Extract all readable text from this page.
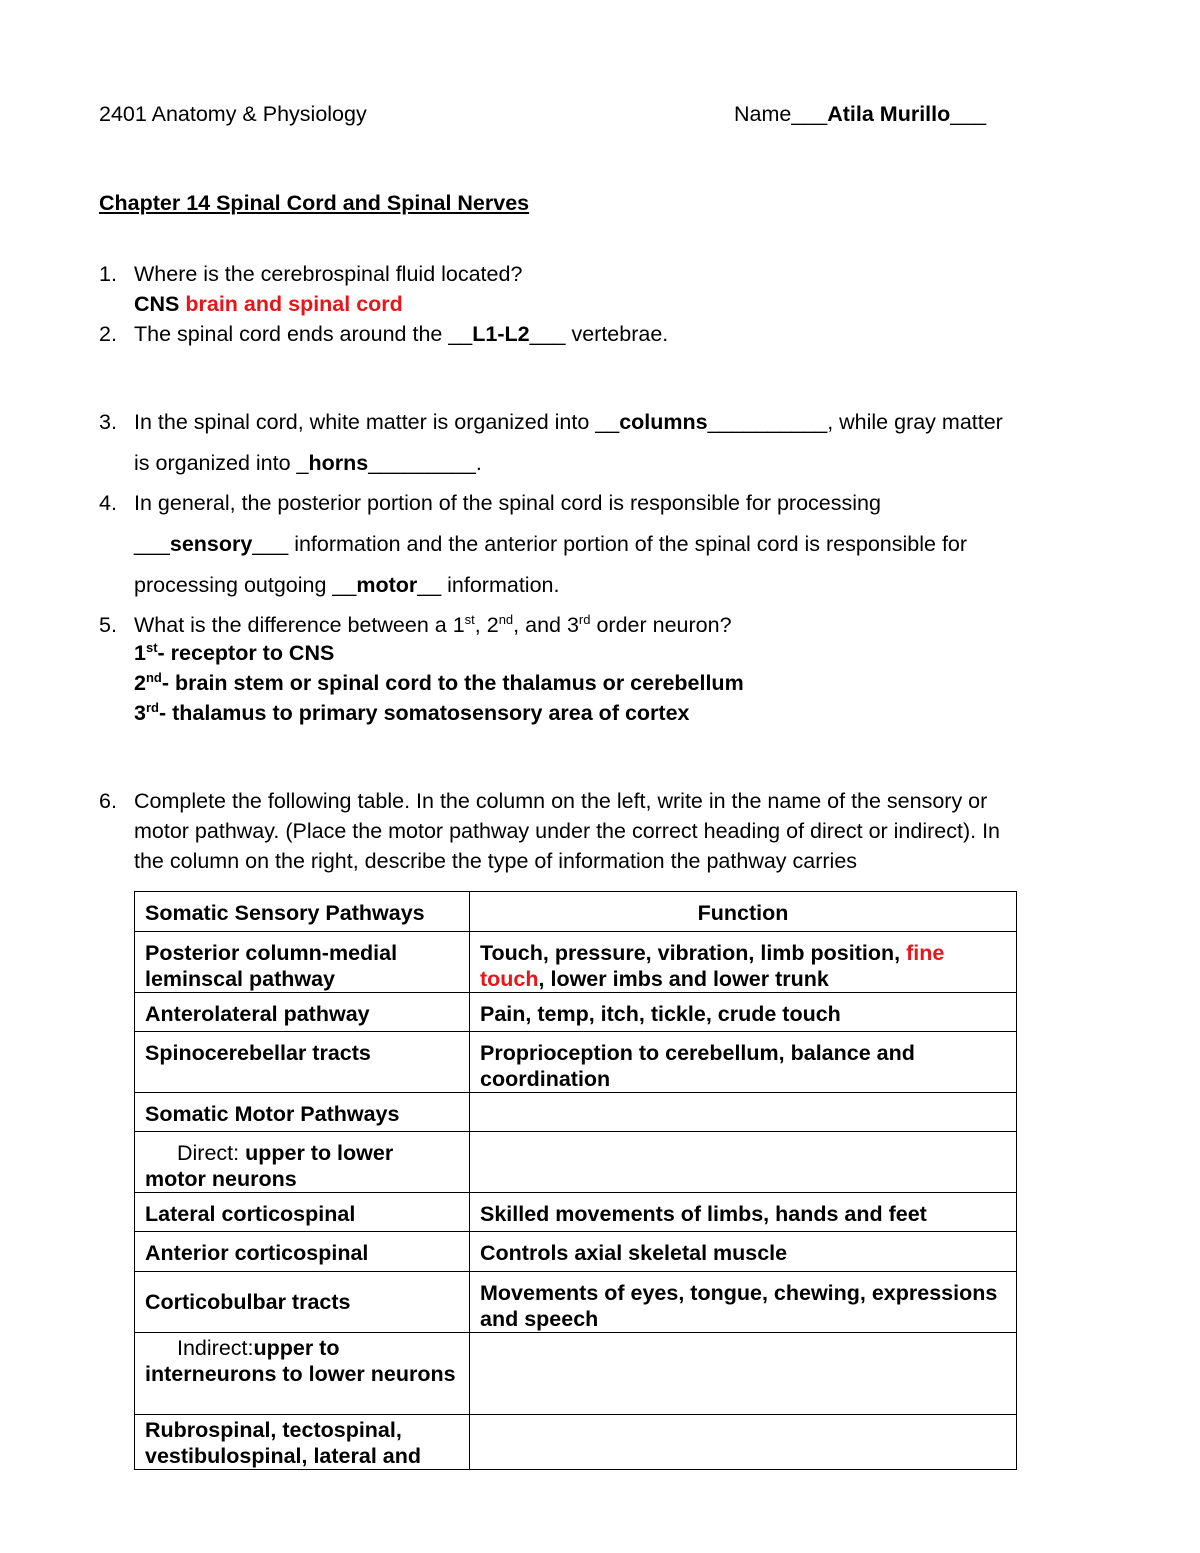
2401 Anatomy & Physiology	Name___Atila Murillo___
Chapter 14 Spinal Cord and Spinal Nerves
1. Where is the cerebrospinal fluid located?
CNS brain and spinal cord
2. The spinal cord ends around the __L1-L2___ vertebrae.
3. In the spinal cord, white matter is organized into __columns__________, while gray matter
is organized into _horns_________.
4. In general, the posterior portion of the spinal cord is responsible for processing
___sensory___ information and the anterior portion of the spinal cord is responsible for
processing outgoing __motor__ information.
5. What is the difference between a 1st, 2nd, and 3rd order neuron?
1st- receptor to CNS
2nd- brain stem or spinal cord to the thalamus or cerebellum
3rd- thalamus to primary somatosensory area of cortex
6. Complete the following table. In the column on the left, write in the name of the sensory or
motor pathway. (Place the motor pathway under the correct heading of direct or indirect). In
the column on the right, describe the type of information the pathway carries
Somatic Sensory Pathways	Function
Posterior column-medial leminscal pathway	Touch, pressure, vibration, limb position, fine touch, lower imbs and lower trunk
Anterolateral pathway	Pain, temp, itch, tickle, crude touch
Spinocerebellar tracts	Proprioception to cerebellum, balance and coordination
Somatic Motor Pathways	
Direct: upper to lower motor neurons	
Lateral corticospinal	Skilled movements of limbs, hands and feet
Anterior corticospinal	Controls axial skeletal muscle
Corticobulbar tracts	Movements of eyes, tongue, chewing, expressions and speech
Indirect:upper to interneurons to lower neurons	
Rubrospinal, tectospinal, vestibulospinal, lateral and	
